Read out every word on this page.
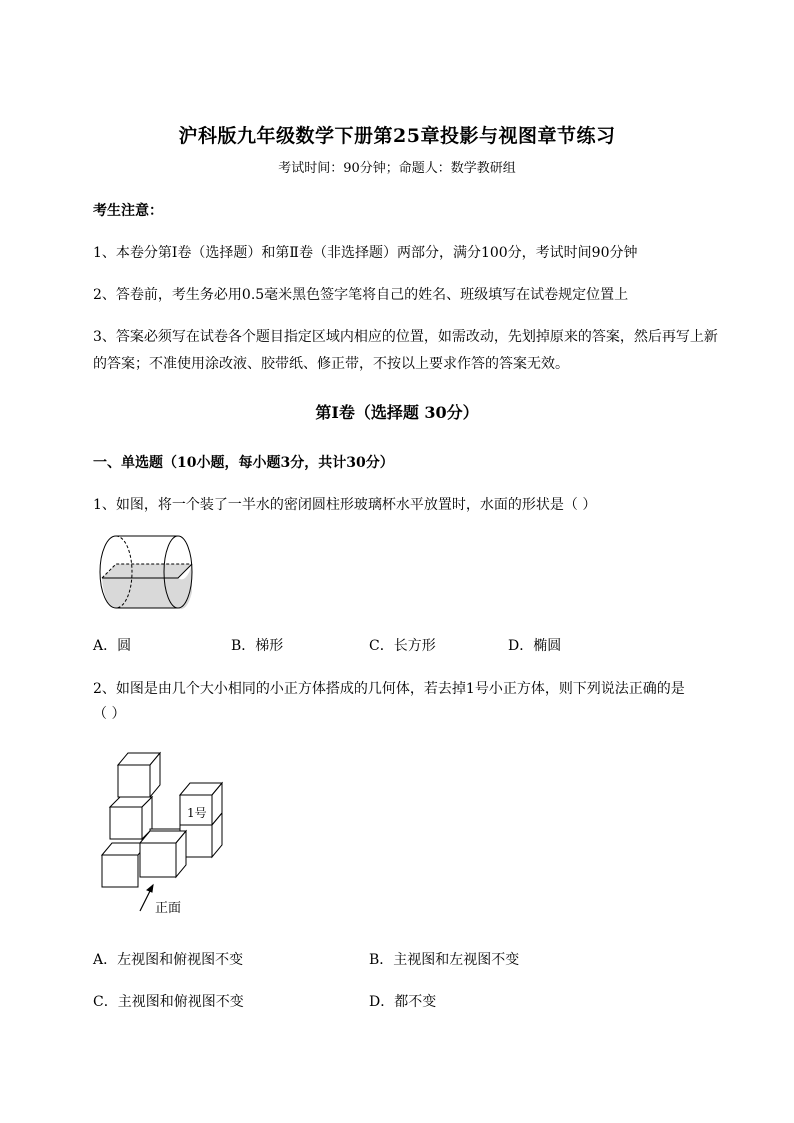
沪科版九年级数学下册第25章投影与视图章节练习
考试时间：90分钟；命题人：数学教研组
考生注意：
1、本卷分第I卷（选择题）和第Ⅱ卷（非选择题）两部分，满分100分，考试时间90分钟
2、答卷前，考生务必用0.5毫米黑色签字笔将自己的姓名、班级填写在试卷规定位置上
3、答案必须写在试卷各个题目指定区域内相应的位置，如需改动，先划掉原来的答案，然后再写上新
的答案；不准使用涂改液、胶带纸、修正带，不按以上要求作答的答案无效。
第I卷（选择题 30分）
一、单选题（10小题，每小题3分，共计30分）
1、如图，将一个装了一半水的密闭圆柱形玻璃杯水平放置时，水面的形状是（ ）
A．圆	B．梯形	C．长方形	D．椭圆
2、如图是由几个大小相同的小正方体搭成的几何体，若去掉1号小正方体，则下列说法正确的是
（ ）
1号
正面
A．左视图和俯视图不变	B．主视图和左视图不变
C．主视图和俯视图不变	D．都不变
